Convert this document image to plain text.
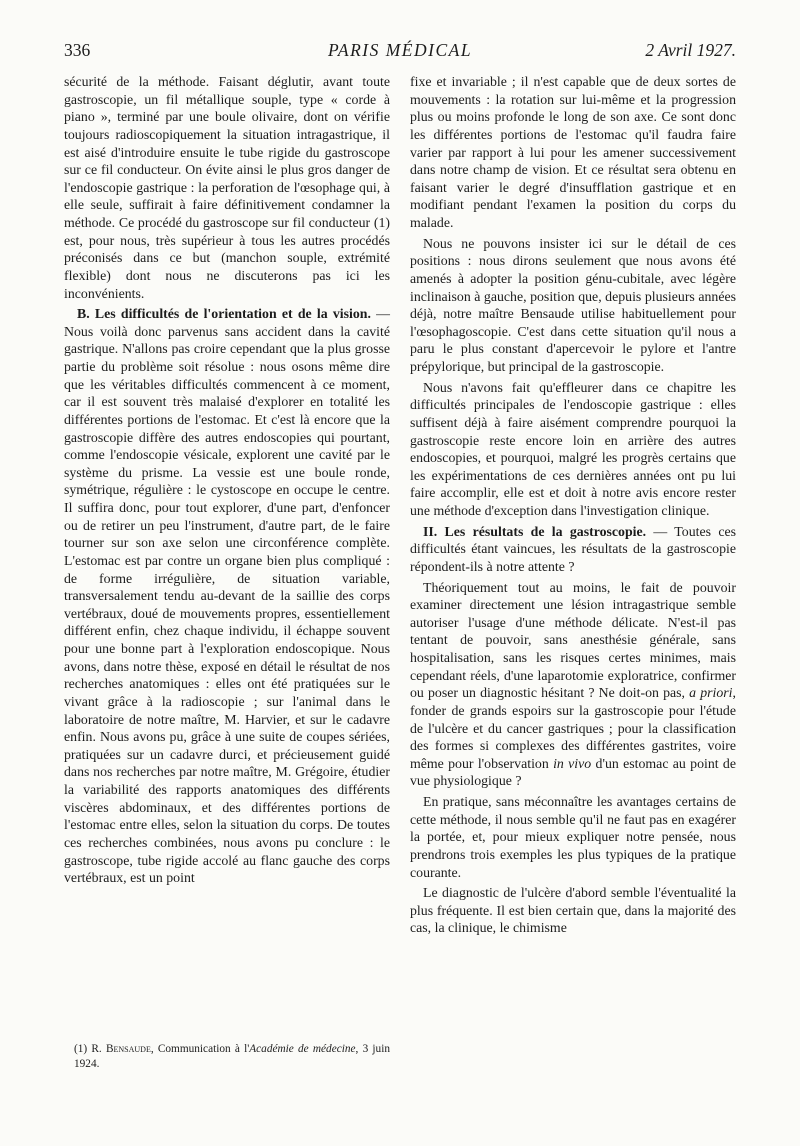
336	PARIS MÉDICAL	2 Avril 1927.

sécurité de la méthode. Faisant déglutir, avant toute gastroscopie, un fil métallique souple, type « corde à piano », terminé par une boule olivaire, dont on vérifie toujours radioscopiquement la situation intragastrique, il est aisé d'introduire ensuite le tube rigide du gastroscope sur ce fil conducteur. On évite ainsi le plus gros danger de l'endoscopie gastrique : la perforation de l'œsophage qui, à elle seule, suffirait à faire définitivement condamner la méthode. Ce procédé du gastroscope sur fil conducteur (1) est, pour nous, très supérieur à tous les autres procédés préconisés dans ce but (manchon souple, extrémité flexible) dont nous ne discuterons pas ici les inconvénients.

B. Les difficultés de l'orientation et de la vision. — Nous voilà donc parvenus sans accident dans la cavité gastrique. N'allons pas croire cependant que la plus grosse partie du problème soit résolue : nous osons même dire que les véritables difficultés commencent à ce moment, car il est souvent très malaisé d'explorer en totalité les différentes portions de l'estomac. Et c'est là encore que la gastroscopie diffère des autres endoscopies qui pourtant, comme l'endoscopie vésicale, explorent une cavité par le système du prisme. La vessie est une boule ronde, symétrique, régulière : le cystoscope en occupe le centre. Il suffira donc, pour tout explorer, d'une part, d'enfoncer ou de retirer un peu l'instrument, d'autre part, de le faire tourner sur son axe selon une circonférence complète. L'estomac est par contre un organe bien plus compliqué : de forme irrégulière, de situation variable, transversalement tendu au-devant de la saillie des corps vertébraux, doué de mouvements propres, essentiellement différent enfin, chez chaque individu, il échappe souvent pour une bonne part à l'exploration endoscopique. Nous avons, dans notre thèse, exposé en détail le résultat de nos recherches anatomiques : elles ont été pratiquées sur le vivant grâce à la radioscopie ; sur l'animal dans le laboratoire de notre maître, M. Harvier, et sur le cadavre enfin. Nous avons pu, grâce à une suite de coupes sériées, pratiquées sur un cadavre durci, et précieusement guidé dans nos recherches par notre maître, M. Grégoire, étudier la variabilité des rapports anatomiques des différents viscères abdominaux, et des différentes portions de l'estomac entre elles, selon la situation du corps. De toutes ces recherches combinées, nous avons pu conclure : le gastroscope, tube rigide accolé au flanc gauche des corps vertébraux, est un point

fixe et invariable ; il n'est capable que de deux sortes de mouvements : la rotation sur lui-même et la progression plus ou moins profonde le long de son axe. Ce sont donc les différentes portions de l'estomac qu'il faudra faire varier par rapport à lui pour les amener successivement dans notre champ de vision. Et ce résultat sera obtenu en faisant varier le degré d'insufflation gastrique et en modifiant pendant l'examen la position du corps du malade.

Nous ne pouvons insister ici sur le détail de ces positions : nous dirons seulement que nous avons été amenés à adopter la position génu-cubitale, avec légère inclinaison à gauche, position que, depuis plusieurs années déjà, notre maître Bensaude utilise habituellement pour l'œsophagoscopie. C'est dans cette situation qu'il nous a paru le plus constant d'apercevoir le pylore et l'antre prépylorique, but principal de la gastroscopie.

Nous n'avons fait qu'effleurer dans ce chapitre les difficultés principales de l'endoscopie gastrique : elles suffisent déjà à faire aisément comprendre pourquoi la gastroscopie reste encore loin en arrière des autres endoscopies, et pourquoi, malgré les progrès certains que les expérimentations de ces dernières années ont pu lui faire accomplir, elle est et doit à notre avis encore rester une méthode d'exception dans l'investigation clinique.

II. Les résultats de la gastroscopie. — Toutes ces difficultés étant vaincues, les résultats de la gastroscopie répondent-ils à notre attente ?

Théoriquement tout au moins, le fait de pouvoir examiner directement une lésion intragastrique semble autoriser l'usage d'une méthode délicate. N'est-il pas tentant de pouvoir, sans anesthésie générale, sans hospitalisation, sans les risques certes minimes, mais cependant réels, d'une laparotomie exploratrice, confirmer ou poser un diagnostic hésitant ? Ne doit-on pas, a priori, fonder de grands espoirs sur la gastroscopie pour l'étude de l'ulcère et du cancer gastriques ; pour la classification des formes si complexes des différentes gastrites, voire même pour l'observation in vivo d'un estomac au point de vue physiologique ?

En pratique, sans méconnaître les avantages certains de cette méthode, il nous semble qu'il ne faut pas en exagérer la portée, et, pour mieux expliquer notre pensée, nous prendrons trois exemples les plus typiques de la pratique courante.

Le diagnostic de l'ulcère d'abord semble l'éventualité la plus fréquente. Il est bien certain que, dans la majorité des cas, la clinique, le chimisme

(1) R. Bensaude, Communication à l'Académie de médecine, 3 juin 1924.
